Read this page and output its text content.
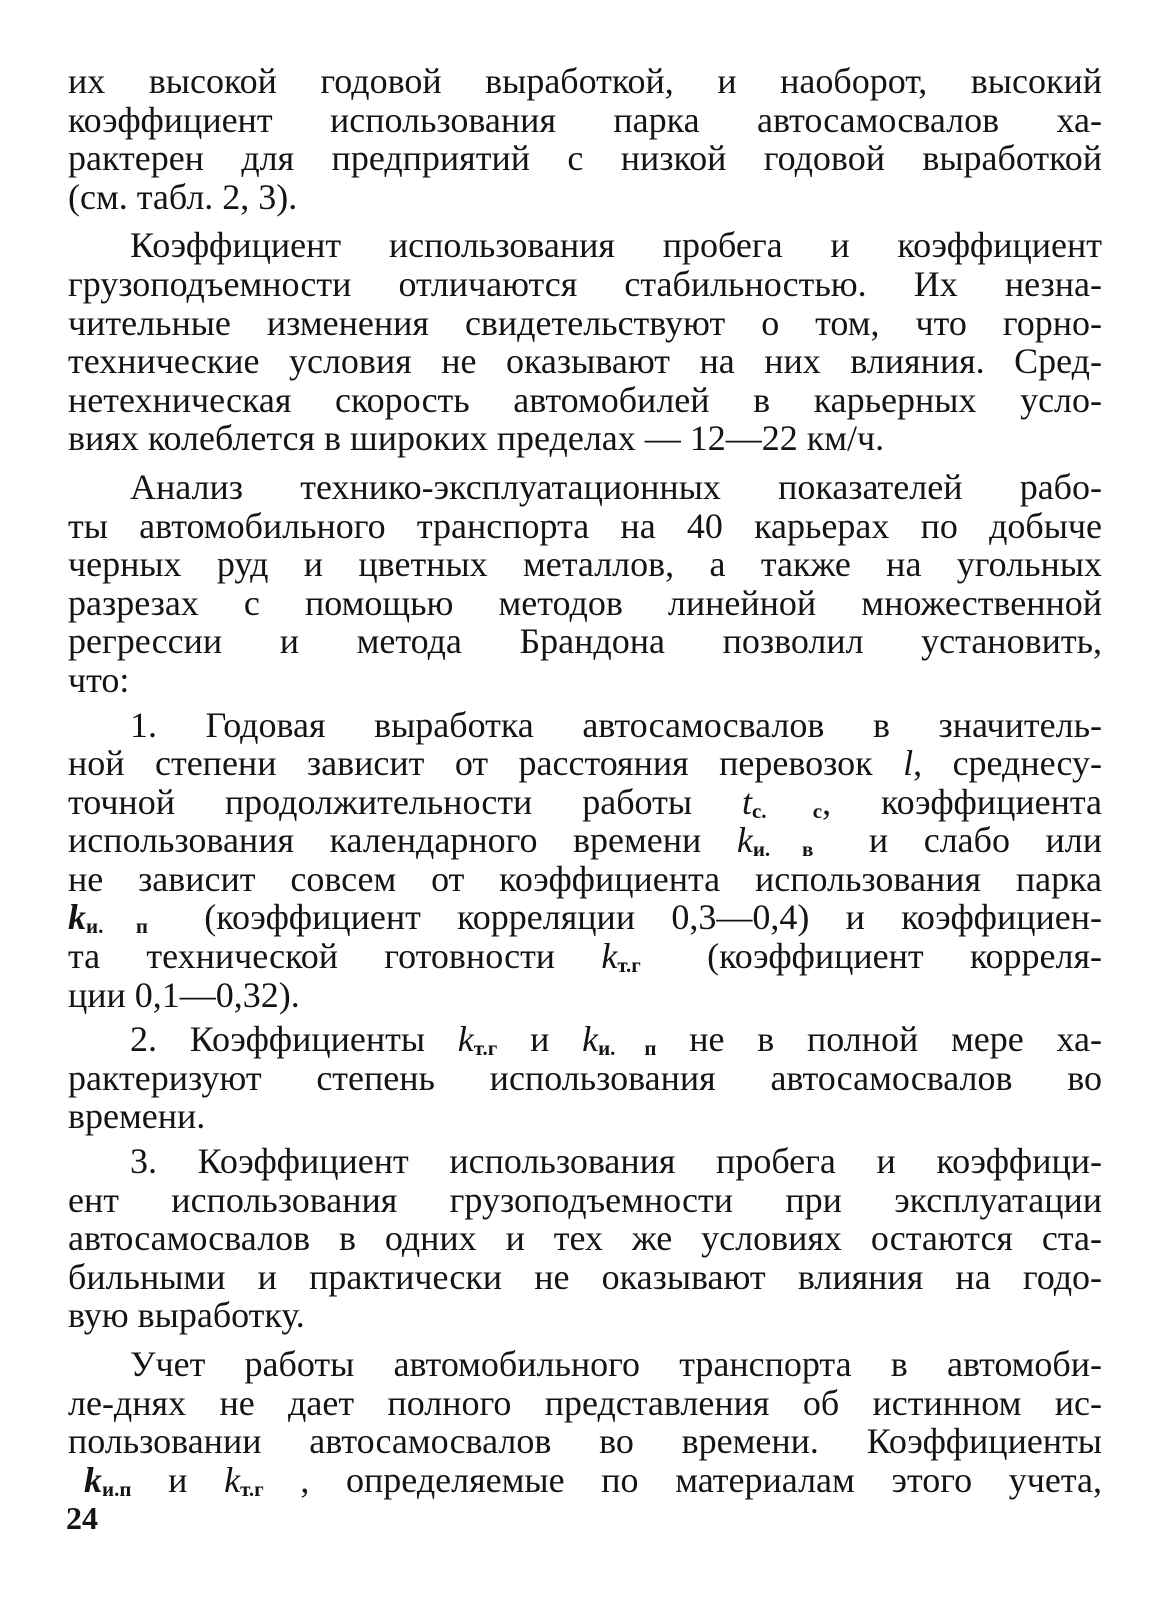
их высокой годовой выработкой, и наоборот, высокий
коэффициент использования парка автосамосвалов ха-
рактерен для предприятий с низкой годовой выработкой
(см. табл. 2, 3).

Коэффициент использования пробега и коэффициент
грузоподъемности отличаются стабильностью. Их незна-
чительные изменения свидетельствуют о том, что горно-
технические условия не оказывают на них влияния. Сред-
нетехническая скорость автомобилей в карьерных усло-
виях колеблется в широких пределах — 12—22 км/ч.

Анализ технико-эксплуатационных показателей рабо-
ты автомобильного транспорта на 40 карьерах по добыче
черных руд и цветных металлов, а также на угольных
разрезах с помощью методов линейной множественной
регрессии и метода Брандона позволил установить,
что:

1. Годовая выработка автосамосвалов в значитель-
ной степени зависит от расстояния перевозок l, среднесу-
точной продолжительности работы tс. с, коэффициента
использования календарного времени kи. в и слабо или
не зависит совсем от коэффициента использования парка
kи. п (коэффициент корреляции 0,3—0,4) и коэффициен-
та технической готовности kт.г (коэффициент корреля-
ции 0,1—0,32).

2. Коэффициенты kт.г и kи. п не в полной мере ха-
рактеризуют степень использования автосамосвалов во
времени.

3. Коэффициент использования пробега и коэффици-
ент использования грузоподъемности при эксплуатации
автосамосвалов в одних и тех же условиях остаются ста-
бильными и практически не оказывают влияния на годо-
вую выработку.

Учет работы автомобильного транспорта в автомоби-
ле-днях не дает полного представления об истинном ис-
пользовании автосамосвалов во времени. Коэффициенты
kи.п и kт.г , определяемые по материалам этого учета,

24
